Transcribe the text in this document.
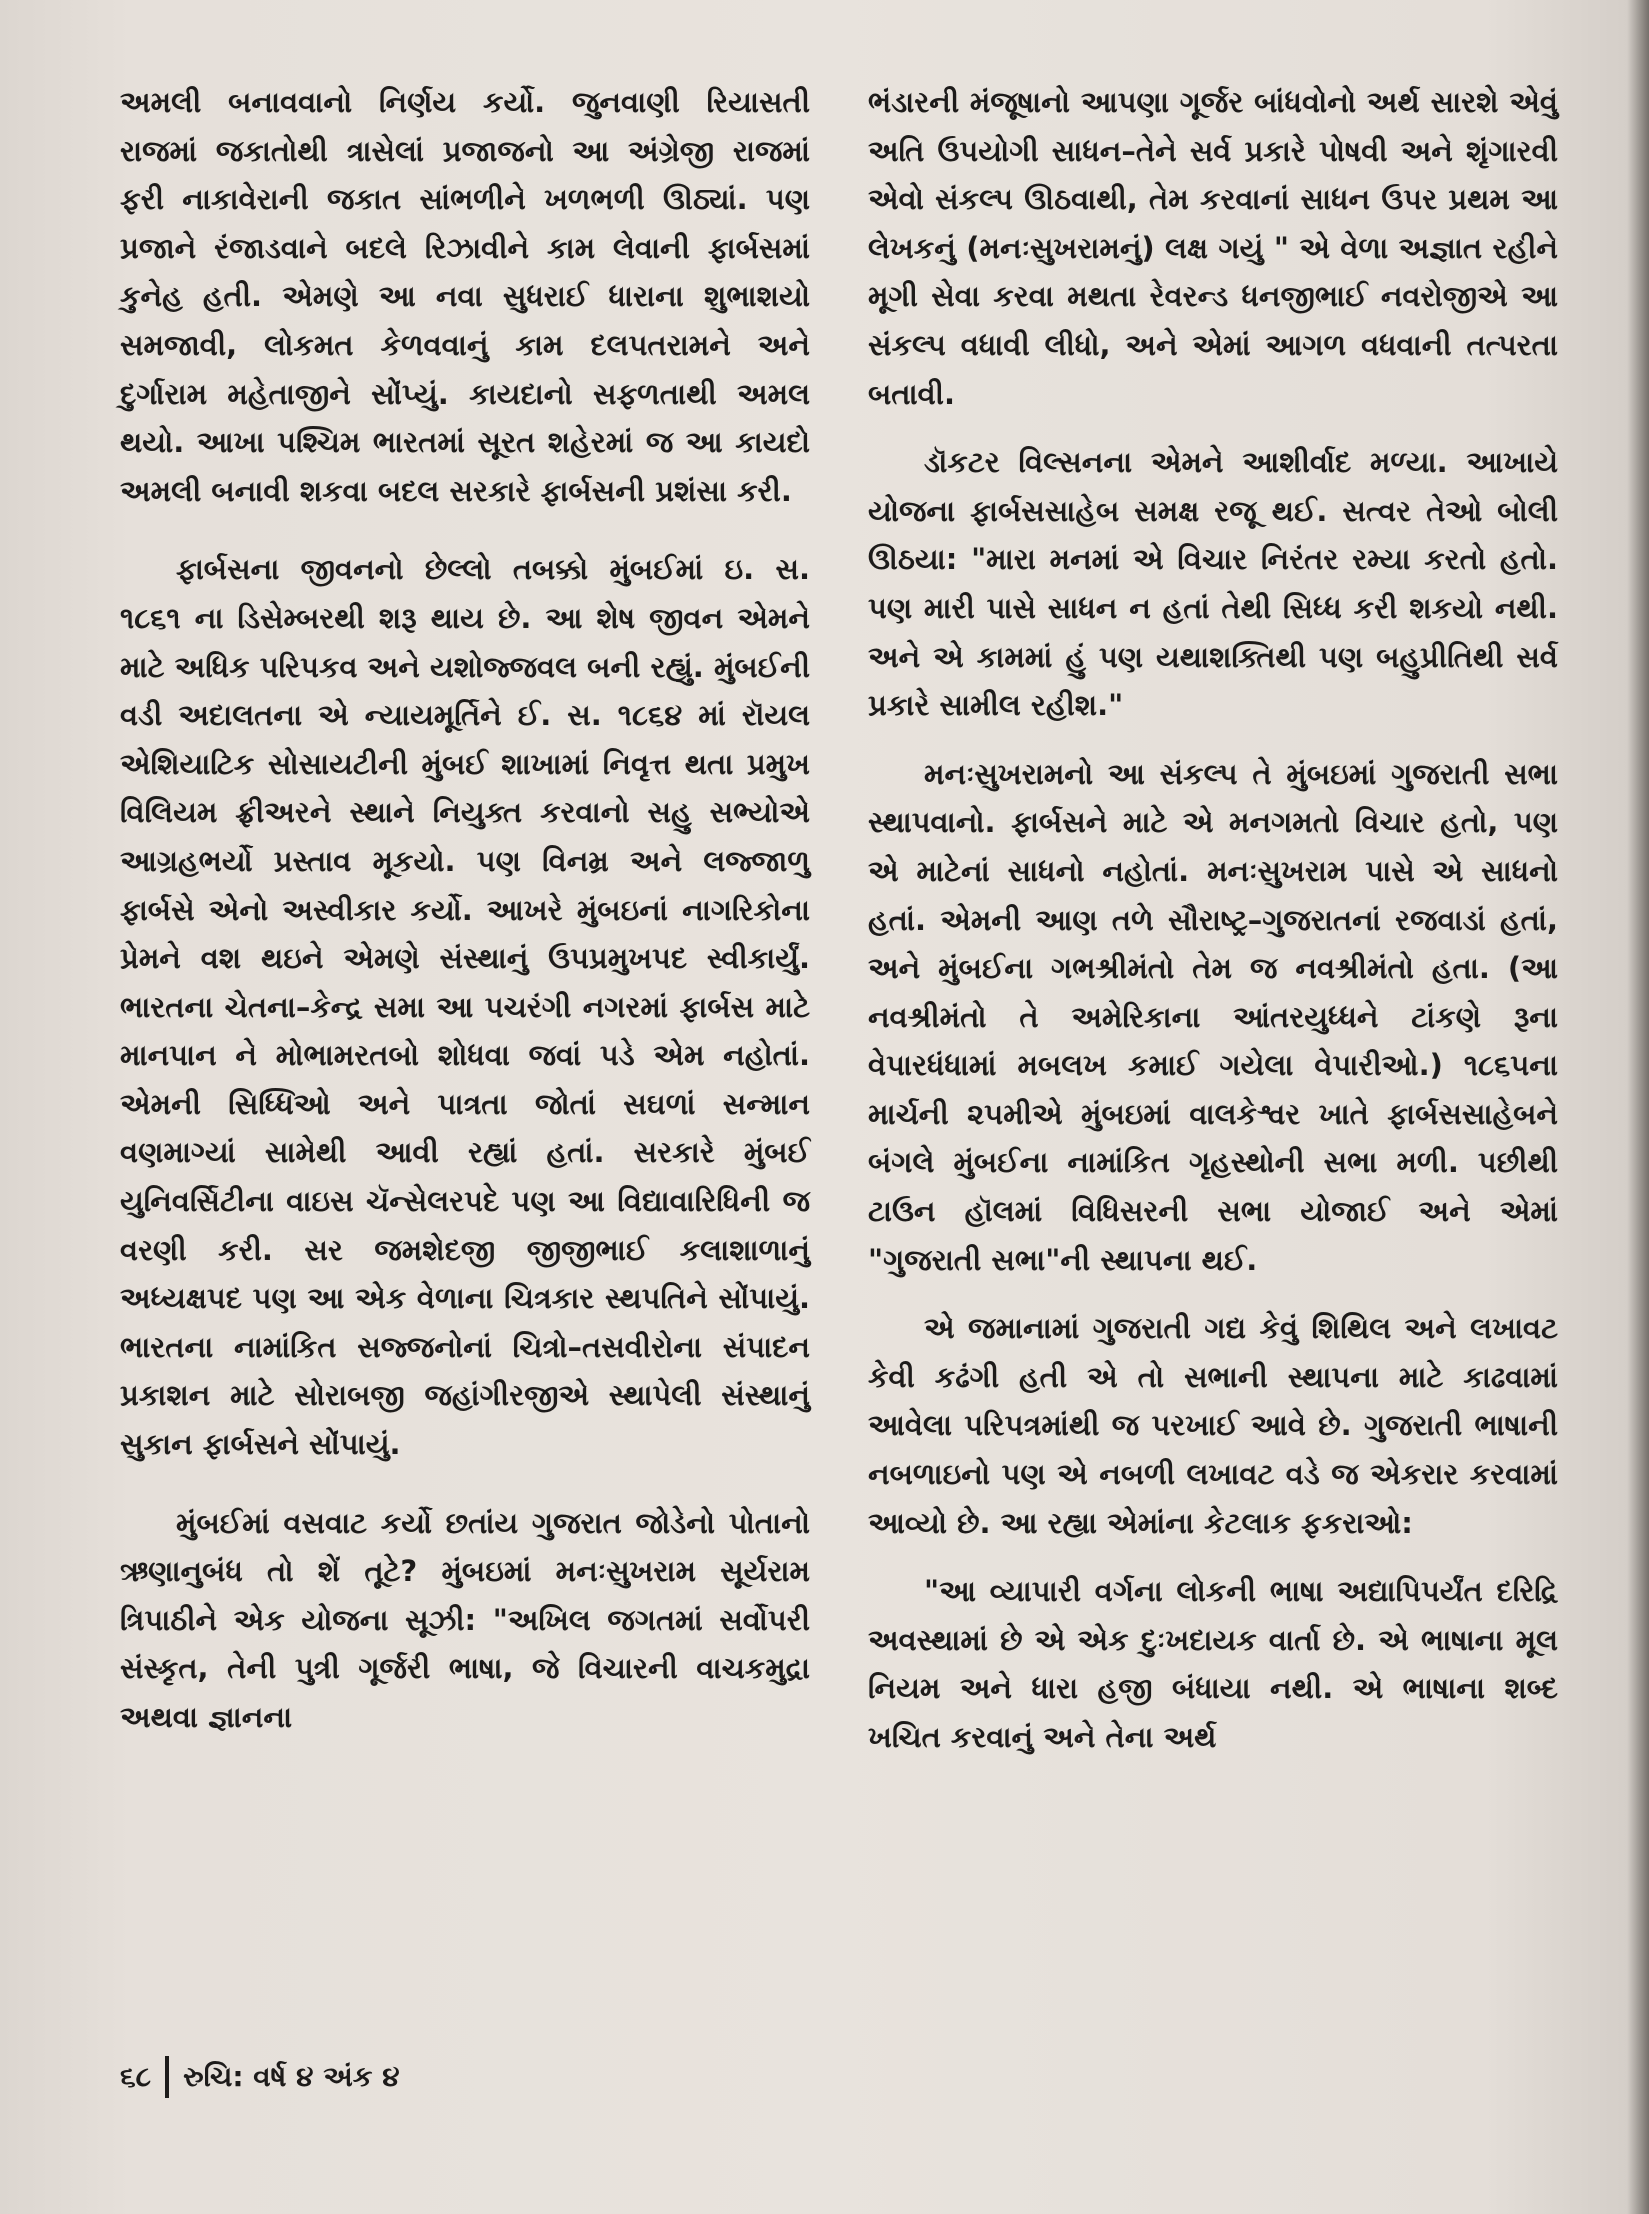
અમલી બનાવવાનો નિર્ણય કર્યો. જુનવાણી રિયાસતી રાજમાં જકાતોથી ત્રાસેલાં પ્રજાજનો આ અંગ્રેજી રાજમાં ફરી નાકાવેરાની જકાત સાંભળીને ખળભળી ઊઠ્યાં. પણ પ્રજાને રંજાડવાને બદલે રિઝાવીને કામ લેવાની ફાર્બસમાં કુનેહ હતી. એમણે આ નવા સુધરાઈ ધારાના શુભાશયો સમજાવી, લોકમત કેળવવાનું કામ દલપતરામને અને દુર્ગારામ મહેતાજીને સોંપ્યું. કાયદાનો સફળતાથી અમલ થયો. આખા પશ્ચિમ ભારતમાં સૂરત શહેરમાં જ આ કાયદો અમલી બનાવી શકવા બદલ સરકારે ફાર્બસની પ્રશંસા કરી.

ફાર્બસના જીવનનો છેલ્લો તબક્કો મુંબઈમાં ઇ. સ. ૧૮૬૧ ના ડિસેમ્બરથી શરૂ થાય છે. આ શેષ જીવન એમને માટે અધિક પરિપકવ અને યશોજ્જવલ બની રહ્યું. મુંબઈની વડી અદાલતના એ ન્યાયમૂર્તિને ઈ. સ. ૧૮૬૪ માં રૉયલ એશિયાટિક સોસાયટીની મુંબઈ શાખામાં નિવૃત્ત થતા પ્રમુખ વિલિયમ ફ્રીઅરને સ્થાને નિયુક્ત કરવાનો સહુ સભ્યોએ આગ્રહભર્યો પ્રસ્તાવ મૂકયો. પણ વિનમ્ર અને લજ્જાળુ ફાર્બસે એનો અસ્વીકાર કર્યો. આખરે મુંબઇનાં નાગરિકોના પ્રેમને વશ થઇને એમણે સંસ્થાનું ઉપપ્રમુખપદ સ્વીકાર્યું. ભારતના ચેતના–કેન્દ્ર સમા આ પચરંગી નગરમાં ફાર્બસ માટે માનપાન ને મોભામરતબો શોધવા જવાં પડે એમ નહોતાં. એમની સિધ્ધિઓ અને પાત્રતા જોતાં સઘળાં સન્માન વણમાગ્યાં સામેથી આવી રહ્યાં હતાં. સરકારે મુંબઈ યુનિવર્સિટીના વાઇસ ચૅન્સેલરપદે પણ આ વિદ્યાવારિધિની જ વરણી કરી. સર જમશેદજી જીજીભાઈ કલાશાળાનું અધ્યક્ષપદ પણ આ એક વેળાના ચિત્રકાર સ્થપતિને સોંપાયું. ભારતના નામાંકિત સજ્જનોનાં ચિત્રો–તસવીરોના સંપાદન પ્રકાશન માટે સોરાબજી જહાંગીરજીએ સ્થાપેલી સંસ્થાનું સુકાન ફાર્બસને સોંપાયું.

મુંબઈમાં વસવાટ કર્યો છતાંય ગુજરાત જોડેનો પોતાનો ઋણાનુબંધ તો શેં તૂટે? મુંબઇમાં મનઃસુખરામ સૂર્યરામ ત્રિપાઠીને એક યોજના સૂઝી: "અખિલ જગતમાં સર્વોપરી સંસ્કૃત, તેની પુત્રી ગૂર્જરી ભાષા, જે વિચારની વાચકમુદ્રા અથવા જ્ઞાનના

ભંડારની મંજૂષાનો આપણા ગૂર્જર બાંધવોનો અર્થ સારશે એવું અતિ ઉપયોગી સાધન–તેને સર્વ પ્રકારે પોષવી અને શૃંગારવી એવો સંકલ્પ ઊઠવાથી, તેમ કરવાનાં સાધન ઉપર પ્રથમ આ લેખકનું (મનઃસુખરામનું) લક્ષ ગયું " એ વેળા અજ્ઞાત રહીને મૂગી સેવા કરવા મથતા રેવરન્ડ ધનજીભાઈ નવરોજીએ આ સંકલ્પ વધાવી લીધો, અને એમાં આગળ વધવાની તત્પરતા બતાવી.

ડૉકટર વિલ્સનના એમને આશીર્વાદ મળ્યા. આખાયે યોજના ફાર્બસસાહેબ સમક્ષ રજૂ થઈ. સત્વર તેઓ બોલી ઊઠયા: "મારા મનમાં એ વિચાર નિરંતર રમ્યા કરતો હતો. પણ મારી પાસે સાધન ન હતાં તેથી સિધ્ધ કરી શકયો નથી. અને એ કામમાં હું પણ યથાશક્તિથી પણ બહુપ્રીતિથી સર્વ પ્રકારે સામીલ રહીશ."

મનઃસુખરામનો આ સંકલ્પ તે મુંબઇમાં ગુજરાતી સભા સ્થાપવાનો. ફાર્બસને માટે એ મનગમતો વિચાર હતો, પણ એ માટેનાં સાધનો નહોતાં. મનઃસુખરામ પાસે એ સાધનો હતાં. એમની આણ તળે સૌરાષ્ટ્ર–ગુજરાતનાં રજવાડાં હતાં, અને મુંબઈના ગભશ્રીમંતો તેમ જ નવશ્રીમંતો હતા. (આ નવશ્રીમંતો તે અમેરિકાના આંતરયુધ્ધને ટાંકણે રૂના વેપારધંધામાં મબલખ કમાઈ ગયેલા વેપારીઓ.) ૧૮૬૫ના માર્ચની ૨૫મીએ મુંબઇમાં વાલકેશ્વર ખાતે ફાર્બસસાહેબને બંગલે મુંબઈના નામાંકિત ગૃહસ્થોની સભા મળી. પછીથી ટાઉન હૉલમાં વિધિસરની સભા યોજાઈ અને એમાં "ગુજરાતી સભા"ની સ્થાપના થઈ.

એ જમાનામાં ગુજરાતી ગદ્ય કેવું શિથિલ અને લખાવટ કેવી કઢંગી હતી એ તો સભાની સ્થાપના માટે કાઢવામાં આવેલા પરિપત્રમાંથી જ પરખાઈ આવે છે. ગુજરાતી ભાષાની નબળાઇનો પણ એ નબળી લખાવટ વડે જ એકરાર કરવામાં આવ્યો છે. આ રહ્યા એમાંના કેટલાક ફકરાઓ:

"આ વ્યાપારી વર્ગના લોકની ભાષા અદ્યાપિપર્યંત દરિદ્રિ અવસ્થામાં છે એ એક દુઃખદાયક વાર્તા છે. એ ભાષાના મૂલ નિયમ અને ધારા હજી બંધાયા નથી. એ ભાષાના શબ્દ ખચિત કરવાનું અને તેના અર્થ

૬૮ રુચિ: વર્ષ ૪ અંક ૪
